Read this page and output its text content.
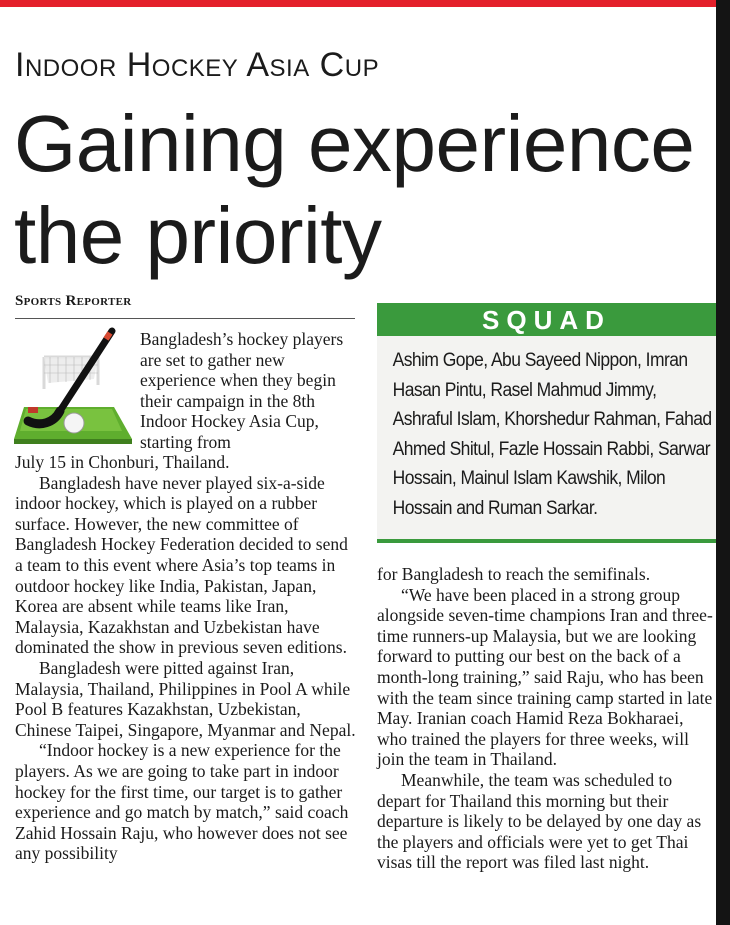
Indoor Hockey Asia Cup
Gaining experience
the priority
Sports Reporter
Bangladesh’s hockey players are set to gather new experience when they begin their campaign in the 8th Indoor Hockey Asia Cup, starting from

July 15 in Chonburi, Thailand.

Bangladesh have never played six-a-side indoor hockey, which is played on a rubber surface. However, the new committee of Bangladesh Hockey Federation decided to send a team to this event where Asia’s top teams in outdoor hockey like India, Pakistan, Japan, Korea are absent while teams like Iran, Malaysia, Kazakhstan and Uzbekistan have dominated the show in previous seven editions.

Bangladesh were pitted against Iran, Malaysia, Thailand, Philippines in Pool A while Pool B features Kazakhstan, Uzbekistan, Chinese Taipei, Singapore, Myanmar and Nepal.

“Indoor hockey is a new experience for the players. As we are going to take part in indoor hockey for the first time, our target is to gather experience and go match by match,” said coach Zahid Hossain Raju, who however does not see any possibility

SQUAD

Ashim Gope, Abu Sayeed Nippon, Imran Hasan Pintu, Rasel Mahmud Jimmy, Ashraful Islam, Khorshedur Rahman, Fahad Ahmed Shitul, Fazle Hossain Rabbi, Sarwar Hossain, Mainul Islam Kawshik, Milon Hossain and Ruman Sarkar.

for Bangladesh to reach the semifinals.

“We have been placed in a strong group alongside seven-time champions Iran and three-time runners-up Malaysia, but we are looking forward to putting our best on the back of a month-long training,” said Raju, who has been with the team since training camp started in late May. Iranian coach Hamid Reza Bokharaei, who trained the players for three weeks, will join the team in Thailand.

Meanwhile, the team was scheduled to depart for Thailand this morning but their departure is likely to be delayed by one day as the players and officials were yet to get Thai visas till the report was filed last night.
